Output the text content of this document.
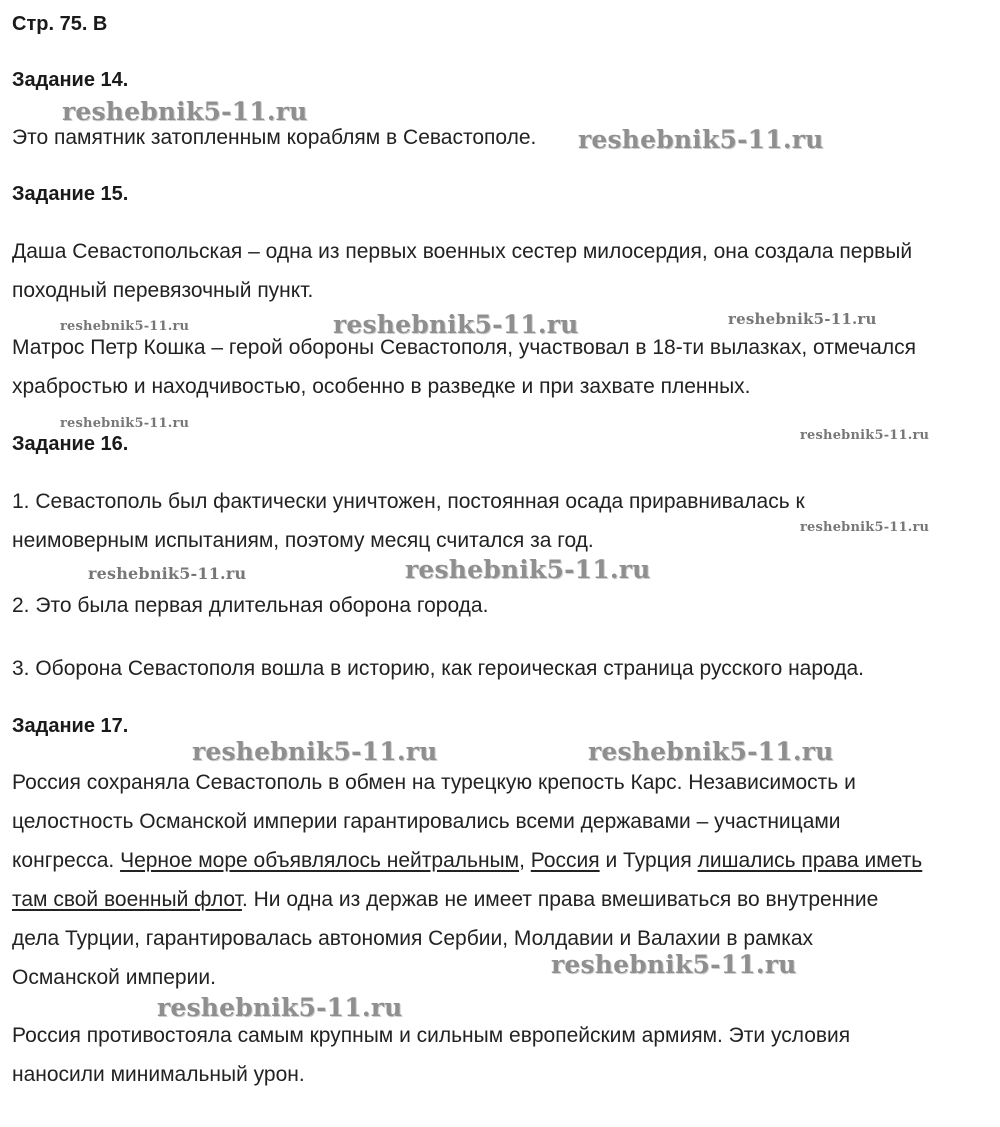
Стр. 75. В
Задание 14.
Это памятник затопленным кораблям в Севастополе.
Задание 15.
Даша Севастопольская – одна из первых военных сестер милосердия, она создала первый
походный перевязочный пункт.
Матрос Петр Кошка – герой обороны Севастополя, участвовал в 18-ти вылазках, отмечался
храбростью и находчивостью, особенно в разведке и при захвате пленных.
Задание 16.
1. Севастополь был фактически уничтожен, постоянная осада приравнивалась к
неимоверным испытаниям, поэтому месяц считался за год.
2. Это была первая длительная оборона города.
3. Оборона Севастополя вошла в историю, как героическая страница русского народа.
Задание 17.
Россия сохраняла Севастополь в обмен на турецкую крепость Карс. Независимость и
целостность Османской империи гарантировались всеми державами – участницами
конгресса. Черное море объявлялось нейтральным, Россия и Турция лишались права иметь
там свой военный флот. Ни одна из держав не имеет права вмешиваться во внутренние
дела Турции, гарантировалась автономия Сербии, Молдавии и Валахии в рамках
Османской империи.
Россия противостояла самым крупным и сильным европейским армиям. Эти условия
наносили минимальный урон.
reshebnik5-11.ru
reshebnik5-11.ru
reshebnik5-11.ru	reshebnik5-11.ru	reshebnik5-11.ru
reshebnik5-11.ru
reshebnik5-11.ru
reshebnik5-11.ru
reshebnik5-11.ru	reshebnik5-11.ru
reshebnik5-11.ru	reshebnik5-11.ru
reshebnik5-11.ru
reshebnik5-11.ru
